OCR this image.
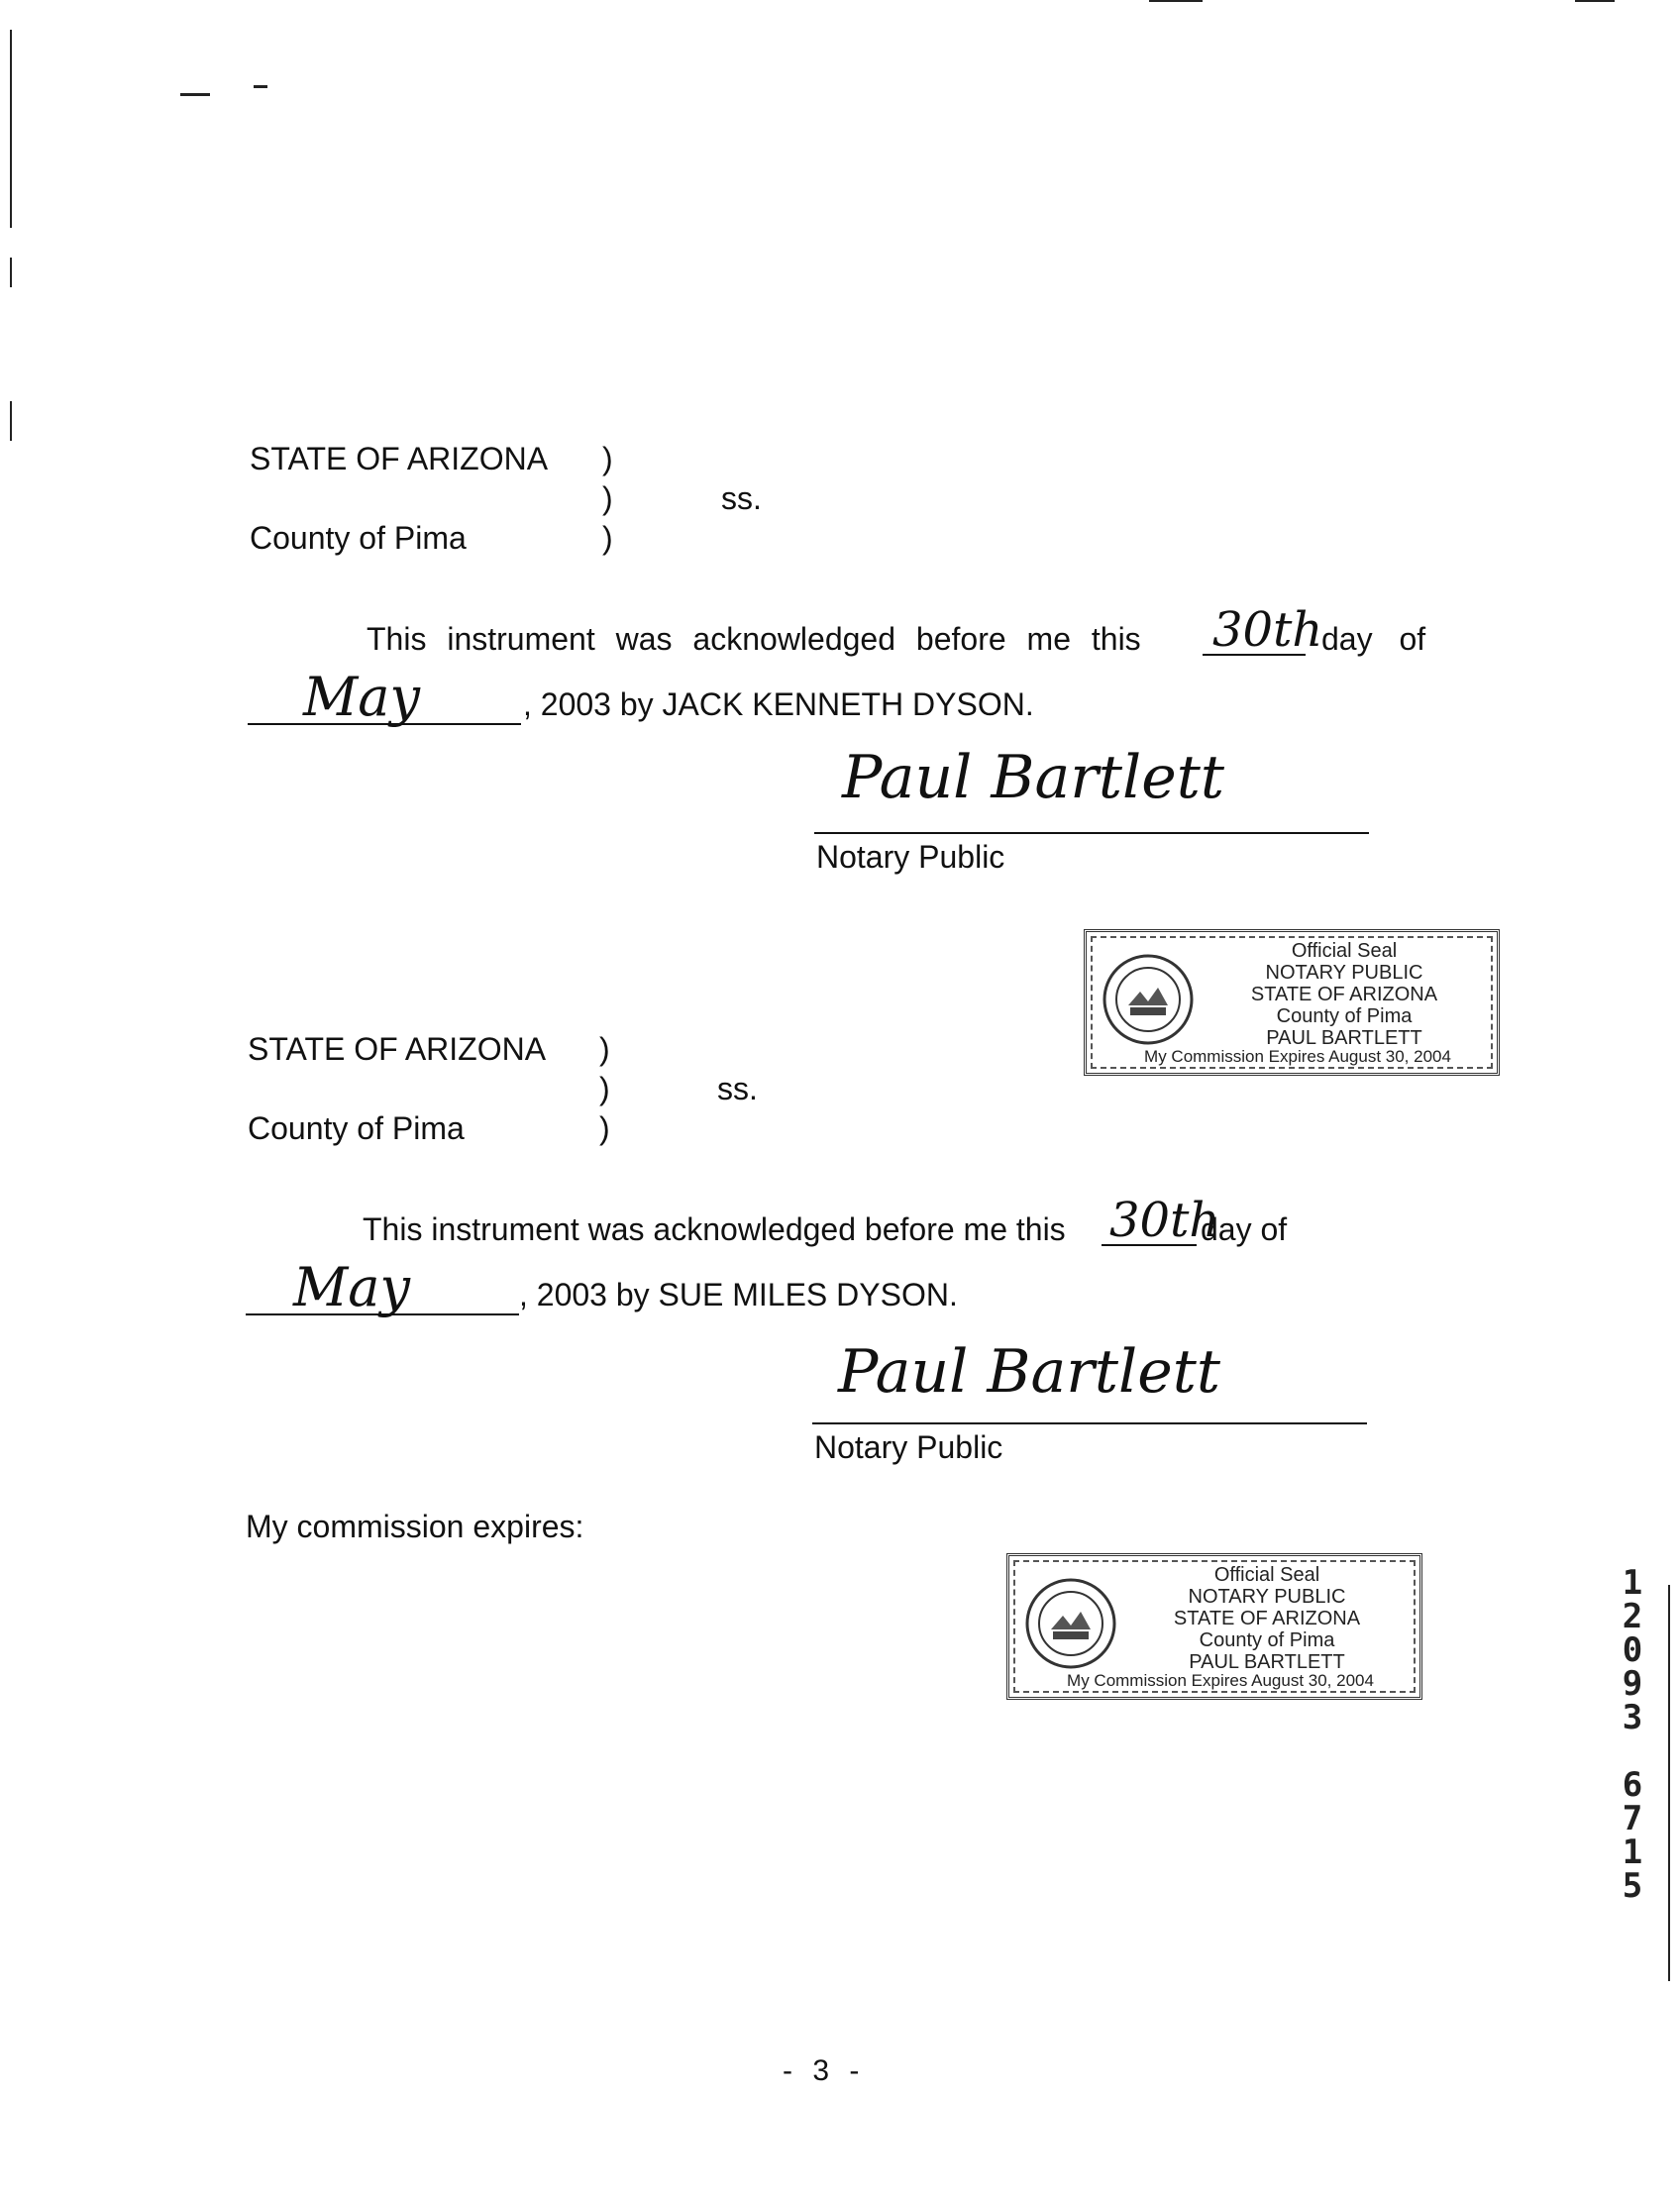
STATE OF ARIZONA
County of Pima
)
)
)
ss.
This instrument was acknowledged before me this 30th
day of
May	, 2003 by JACK KENNETH DYSON.
Paul Bartlett
Notary Public
Official Seal
NOTARY PUBLIC
STATE OF ARIZONA
County of Pima
PAUL BARTLETT
My Commission Expires August 30, 2004
STATE OF ARIZONA
County of Pima
)
)
)
ss.
This instrument was acknowledged before me this 30th
day of
May	, 2003 by SUE MILES DYSON.
Paul Bartlett
Notary Public
My commission expires:
Official Seal
NOTARY PUBLIC
STATE OF ARIZONA
County of Pima
PAUL BARTLETT
My Commission Expires August 30, 2004
1
2
0
9
3
6
7
1
5
- 3 -
